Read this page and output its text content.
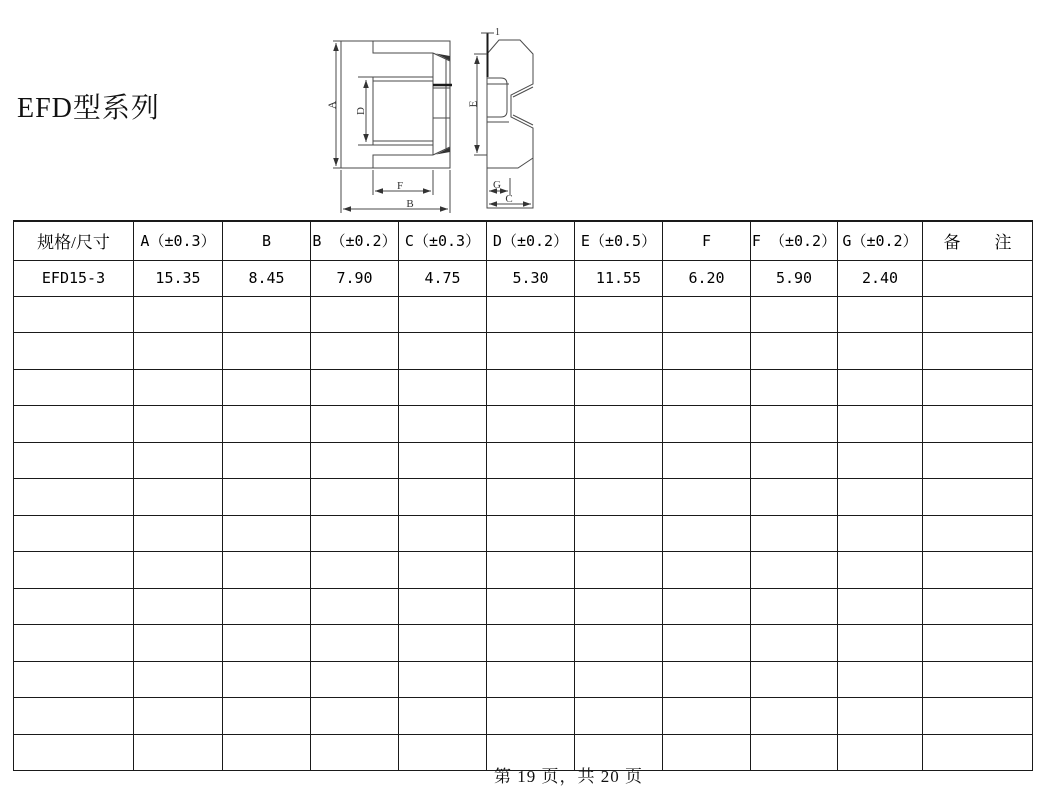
EFD型系列	A
D
F
B
1
E
G
C
规格/尺寸	A（±0.3）	B	B （±0.2）	C（±0.3）	D（±0.2）	E（±0.5）	F	F （±0.2）	G（±0.2）	备　　注
EFD15-3	15.35	8.45	7.90	4.75	5.30	11.55	6.20	5.90	2.40	

第 19 页，共 20 页
